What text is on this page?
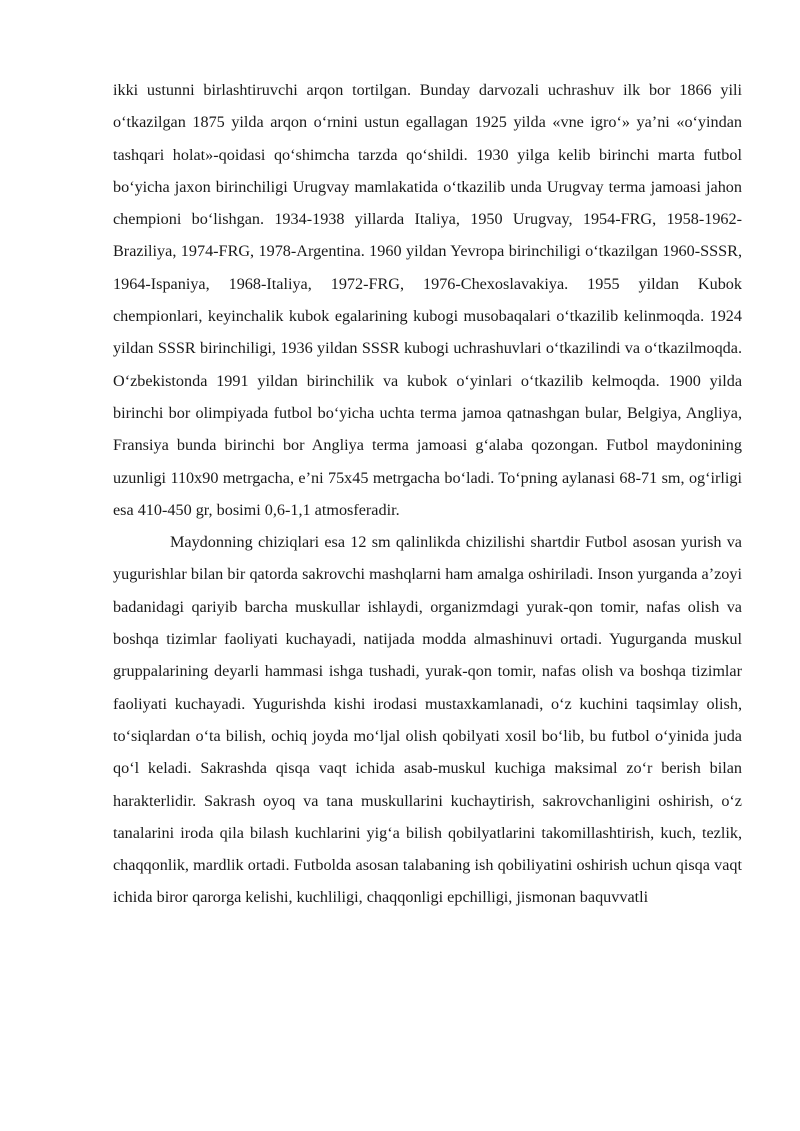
ikki ustunni birlashtiruvchi arqon tortilgan. Bunday darvozali uchrashuv ilk bor 1866 yili o‘tkazilgan 1875 yilda arqon o‘rnini ustun egallagan 1925 yilda «vne igro‘» ya’ni «o‘yindan tashqari holat»-qoidasi qo‘shimcha tarzda qo‘shildi. 1930 yilga kelib birinchi marta futbol bo‘yicha jaxon birinchiligi Urugvay mamlakatida o‘tkazilib unda Urugvay terma jamoasi jahon chempioni bo‘lishgan. 1934-1938 yillarda Italiya, 1950 Urugvay, 1954-FRG, 1958-1962-Braziliya, 1974-FRG, 1978-Argentina. 1960 yildan Yevropa birinchiligi o‘tkazilgan 1960-SSSR, 1964-Ispaniya, 1968-Italiya, 1972-FRG, 1976-Chexoslavakiya. 1955 yildan Kubok chempionlari, keyinchalik kubok egalarining kubogi musobaqalari o‘tkazilib kelinmoqda. 1924 yildan SSSR birinchiligi, 1936 yildan SSSR kubogi uchrashuvlari o‘tkazilindi va o‘tkazilmoqda. O‘zbekistonda 1991 yildan birinchilik va kubok o‘yinlari o‘tkazilib kelmoqda. 1900 yilda birinchi bor olimpiyada futbol bo‘yicha uchta terma jamoa qatnashgan bular, Belgiya, Angliya, Fransiya bunda birinchi bor Angliya terma jamoasi g‘alaba qozongan. Futbol maydonining uzunligi 110x90 metrgacha, e’ni 75x45 metrgacha bo‘ladi. To‘pning aylanasi 68-71 sm, og‘irligi esa 410-450 gr, bosimi 0,6-1,1 atmosferadir.

Maydonning chiziqlari esa 12 sm qalinlikda chizilishi shartdir Futbol asosan yurish va yugurishlar bilan bir qatorda sakrovchi mashqlarni ham amalga oshiriladi. Inson yurganda a’zoyi badanidagi qariyib barcha muskullar ishlaydi, organizmdagi yurak-qon tomir, nafas olish va boshqa tizimlar faoliyati kuchayadi, natijada modda almashinuvi ortadi. Yugurganda muskul gruppalarining deyarli hammasi ishga tushadi, yurak-qon tomir, nafas olish va boshqa tizimlar faoliyati kuchayadi. Yugurishda kishi irodasi mustaxkamlanadi, o‘z kuchini taqsimlay olish, to‘siqlardan o‘ta bilish, ochiq joyda mo‘ljal olish qobilyati xosil bo‘lib, bu futbol o‘yinida juda qo‘l keladi. Sakrashda qisqa vaqt ichida asab-muskul kuchiga maksimal zo‘r berish bilan harakterlidir. Sakrash oyoq va tana muskullarini kuchaytirish, sakrovchanligini oshirish, o‘z tanalarini iroda qila bilash kuchlarini yig‘a bilish qobilyatlarini takomillashtirish, kuch, tezlik, chaqqonlik, mardlik ortadi. Futbolda asosan talabaning ish qobiliyatini oshirish uchun qisqa vaqt ichida biror qarorga kelishi, kuchliligi, chaqqonligi epchilligi, jismonan baquvvatli
